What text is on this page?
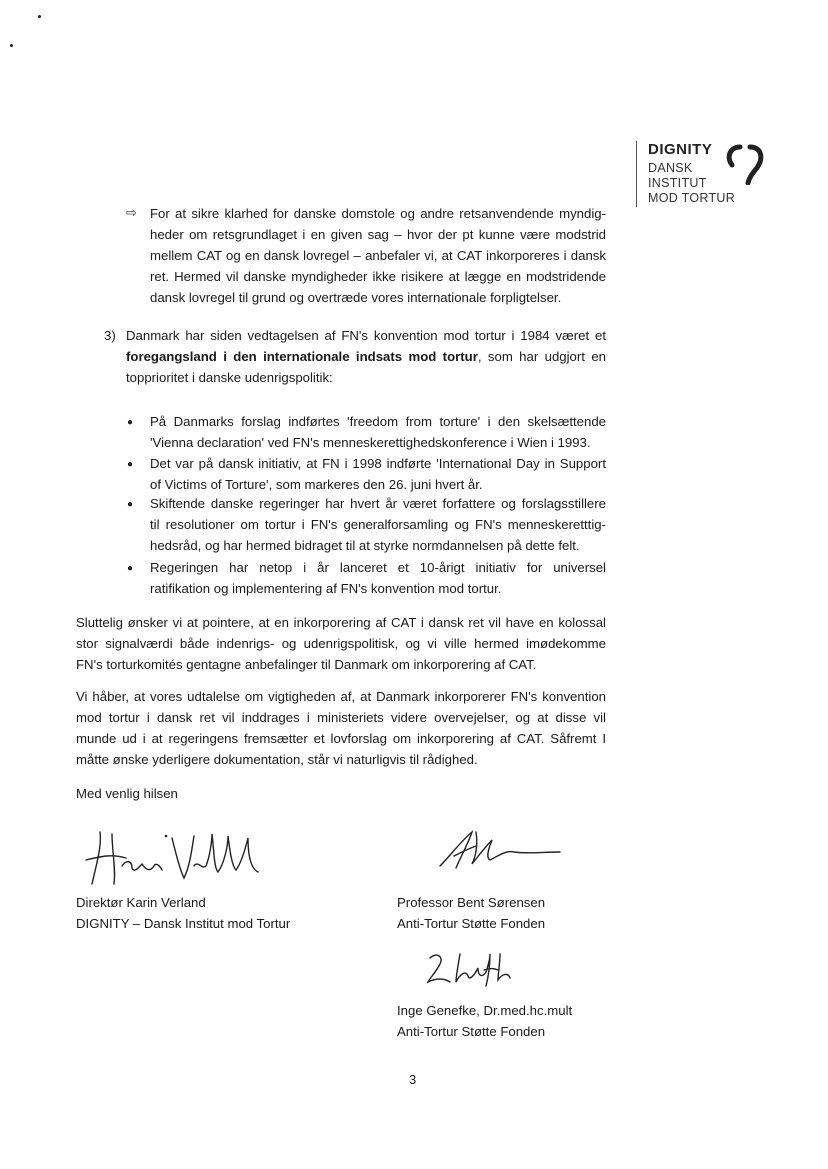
DIGNITY
DANSK
INSTITUT
MOD TORTUR
⇨ For at sikre klarhed for danske domstole og andre retsanvendende myndig-
heder om retsgrundlaget i en given sag – hvor der pt kunne være modstrid
mellem CAT og en dansk lovregel – anbefaler vi, at CAT inkorporeres i dansk
ret. Hermed vil danske myndigheder ikke risikere at lægge en modstridende
dansk lovregel til grund og overtræde vores internationale forpligtelser.
3) Danmark har siden vedtagelsen af FN's konvention mod tortur i 1984 været et
foregangsland i den internationale indsats mod tortur, som har udgjort en
topprioritet i danske udenrigspolitik:
● På Danmarks forslag indførtes 'freedom from torture' i den skelsættende
'Vienna declaration' ved FN's menneskerettighedskonference i Wien i 1993.
● Det var på dansk initiativ, at FN i 1998 indførte 'International Day in Support
of Victims of Torture', som markeres den 26. juni hvert år.
● Skiftende danske regeringer har hvert år været forfattere og forslagsstillere
til resolutioner om tortur i FN's generalforsamling og FN's menneskeretttig-
hedsråd, og har hermed bidraget til at styrke normdannelsen på dette felt.
● Regeringen har netop i år lanceret et 10-årigt initiativ for universel
ratifikation og implementering af FN's konvention mod tortur.
Sluttelig ønsker vi at pointere, at en inkorporering af CAT i dansk ret vil have en kolossal
stor signalværdi både indenrigs- og udenrigspolitisk, og vi ville hermed imødekomme
FN's torturkomités gentagne anbefalinger til Danmark om inkorporering af CAT.
Vi håber, at vores udtalelse om vigtigheden af, at Danmark inkorporerer FN's konvention
mod tortur i dansk ret vil inddrages i ministeriets videre overvejelser, og at disse vil
munde ud i at regeringens fremsætter et lovforslag om inkorporering af CAT. Såfremt I
måtte ønske yderligere dokumentation, står vi naturligvis til rådighed.
Med venlig hilsen
Direktør Karin Verland
DIGNITY – Dansk Institut mod Tortur
Professor Bent Sørensen
Anti-Tortur Støtte Fonden
Inge Genefke, Dr.med.hc.mult
Anti-Tortur Støtte Fonden
3
